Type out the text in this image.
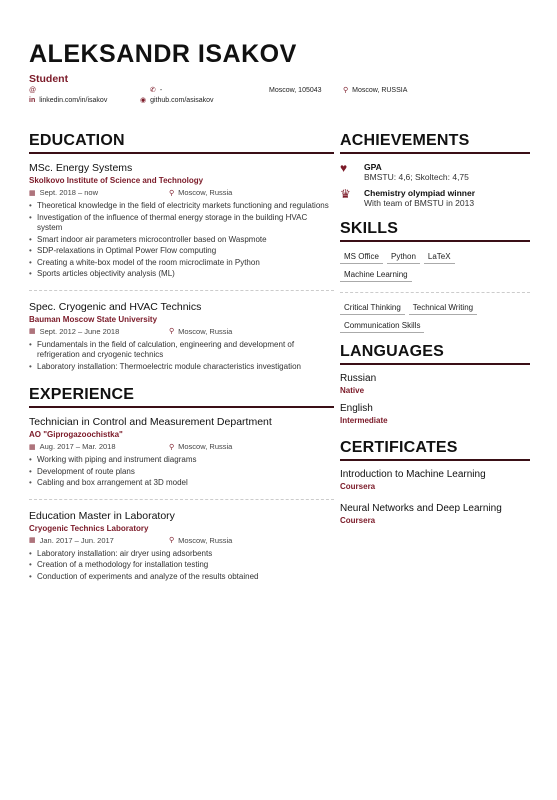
ALEKSANDR ISAKOV
Student
@	✆ -	Moscow, 105043	⚲ Moscow, RUSSIA
in linkedin.com/in/isakov	◉ github.com/asisakov
EDUCATION
MSc. Energy Systems
Skolkovo Institute of Science and Technology
▦ Sept. 2018 – now	⚲ Moscow, Russia
• Theoretical knowledge in the field of electricity markets functioning and regulations
• Investigation of the influence of thermal energy storage in the building HVAC system
• Smart indoor air parameters microcontroller based on Waspmote
• SDP-relaxations in Optimal Power Flow computing
• Creating a white-box model of the room microclimate in Python
• Sports articles objectivity analysis (ML)
Spec. Cryogenic and HVAC Technics
Bauman Moscow State University
▦ Sept. 2012 – June 2018	⚲ Moscow, Russia
• Fundamentals in the field of calculation, engineering and development of refrigeration and cryogenic technics
• Laboratory installation: Thermoelectric module characteristics investigation
EXPERIENCE
Technician in Control and Measurement Department
AO "Giprogazoochistka"
▦ Aug. 2017 – Mar. 2018	⚲ Moscow, Russia
• Working with piping and instrument diagrams
• Development of route plans
• Cabling and box arrangement at 3D model
Education Master in Laboratory
Cryogenic Technics Laboratory
▦ Jan. 2017 – Jun. 2017	⚲ Moscow, Russia
• Laboratory installation: air dryer using adsorbents
• Creation of a methodology for installation testing
• Conduction of experiments and analyze of the results obtained
ACHIEVEMENTS
♥	GPA
BMSTU: 4,6; Skoltech: 4,75
♛	Chemistry olympiad winner
With team of BMSTU in 2013
SKILLS
MS Office	Python	LaTeX
Machine Learning
Critical Thinking	Technical Writing
Communication Skills
LANGUAGES
Russian
Native
English
Intermediate
CERTIFICATES
Introduction to Machine Learning
Coursera
Neural Networks and Deep Learning
Coursera
